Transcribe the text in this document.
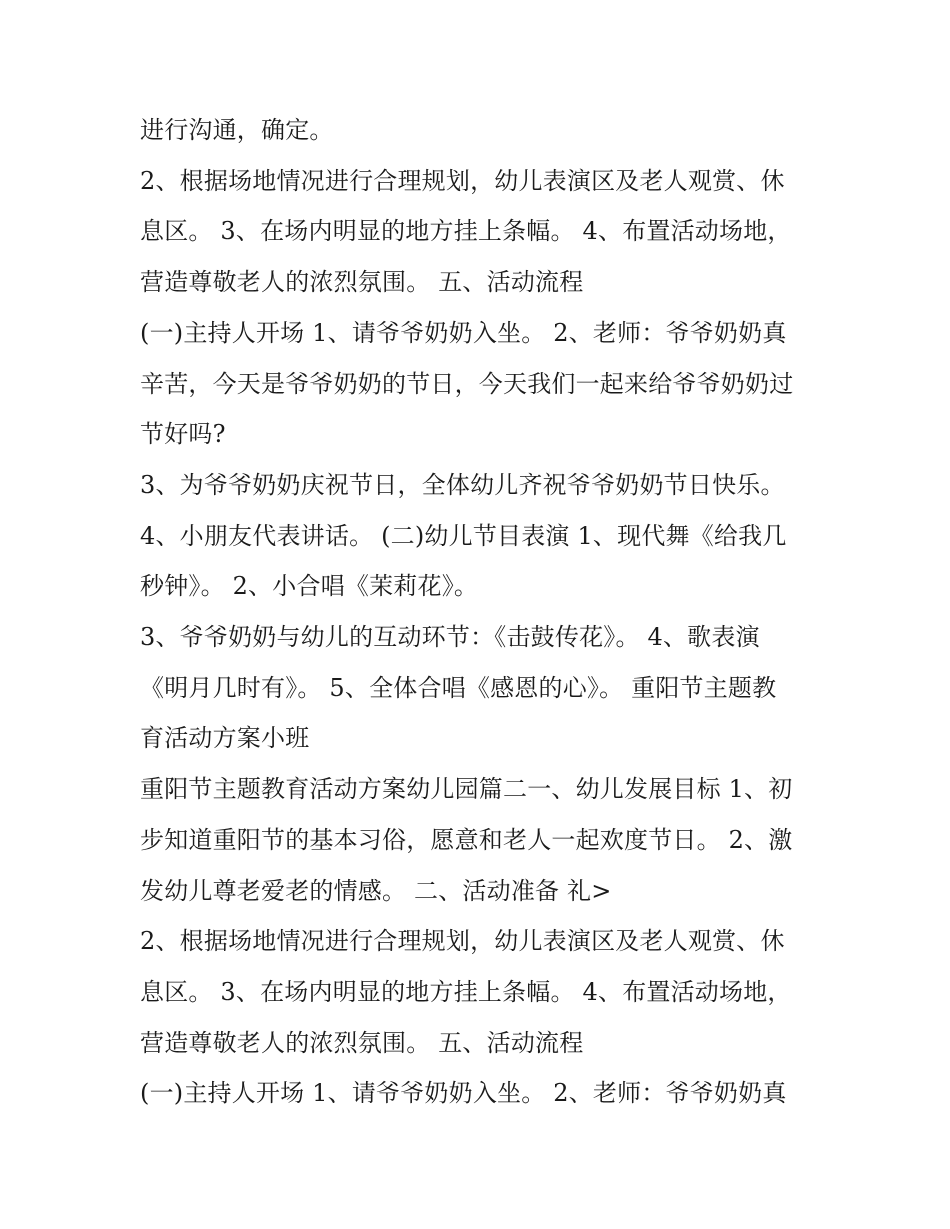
进行沟通，确定。
2、根据场地情况进行合理规划，幼儿表演区及老人观赏、休
息区。 3、在场内明显的地方挂上条幅。 4、布置活动场地，
营造尊敬老人的浓烈氛围。 五、活动流程
(一)主持人开场 1、请爷爷奶奶入坐。 2、老师：爷爷奶奶真
辛苦，今天是爷爷奶奶的节日，今天我们一起来给爷爷奶奶过
节好吗?
3、为爷爷奶奶庆祝节日，全体幼儿齐祝爷爷奶奶节日快乐。
4、小朋友代表讲话。 (二)幼儿节目表演 1、现代舞《给我几
秒钟》。 2、小合唱《茉莉花》。
3、爷爷奶奶与幼儿的互动环节：《击鼓传花》。 4、歌表演
《明月几时有》。 5、全体合唱《感恩的心》。 重阳节主题教
育活动方案小班
重阳节主题教育活动方案幼儿园篇二一、幼儿发展目标 1、初
步知道重阳节的基本习俗，愿意和老人一起欢度节日。 2、激
发幼儿尊老爱老的情感。 二、活动准备 礼>
2、根据场地情况进行合理规划，幼儿表演区及老人观赏、休
息区。 3、在场内明显的地方挂上条幅。 4、布置活动场地，
营造尊敬老人的浓烈氛围。 五、活动流程
(一)主持人开场 1、请爷爷奶奶入坐。 2、老师：爷爷奶奶真
